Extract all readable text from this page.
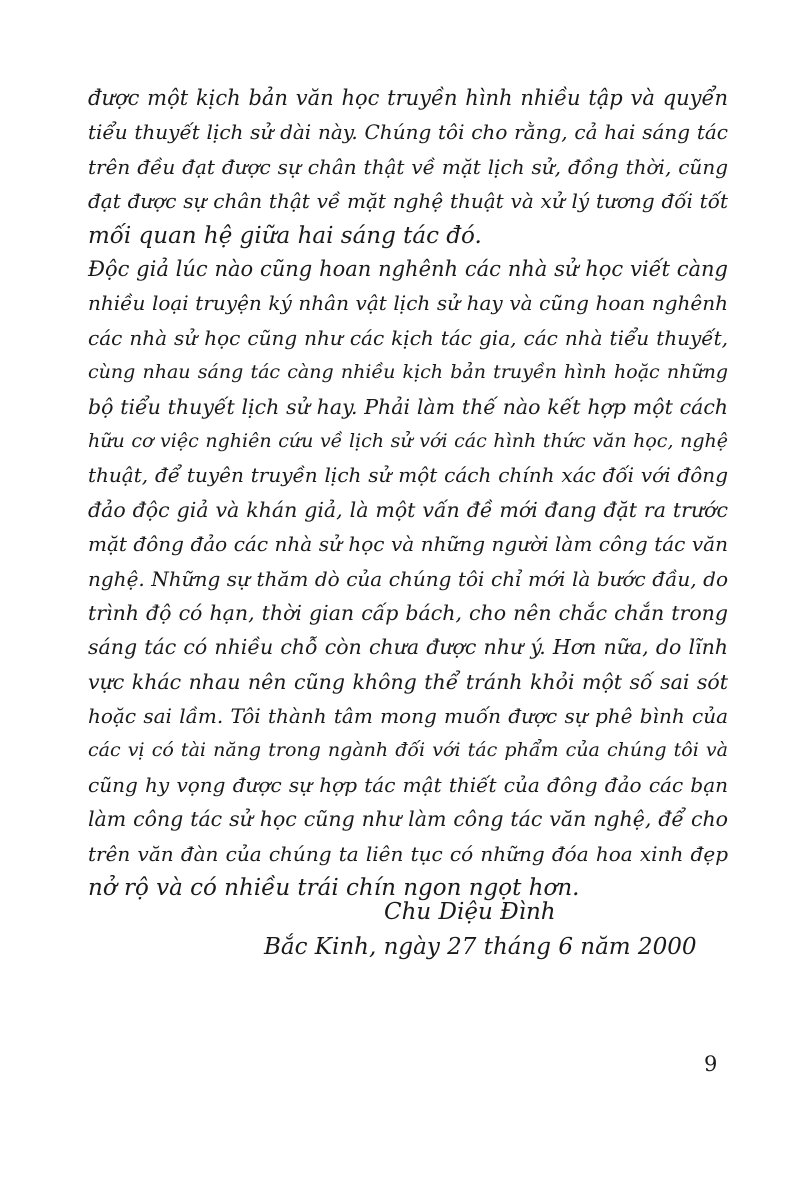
được một kịch bản văn học truyền hình nhiều tập và quyển
tiểu thuyết lịch sử dài này. Chúng tôi cho rằng, cả hai sáng tác
trên đều đạt được sự chân thật về mặt lịch sử, đồng thời, cũng
đạt được sự chân thật về mặt nghệ thuật và xử lý tương đối tốt
mối quan hệ giữa hai sáng tác đó.
Độc giả lúc nào cũng hoan nghênh các nhà sử học viết càng
nhiều loại truyện ký nhân vật lịch sử hay và cũng hoan nghênh
các nhà sử học cũng như các kịch tác gia, các nhà tiểu thuyết,
cùng nhau sáng tác càng nhiều kịch bản truyền hình hoặc những
bộ tiểu thuyết lịch sử hay. Phải làm thế nào kết hợp một cách
hữu cơ việc nghiên cứu về lịch sử với các hình thức văn học, nghệ
thuật, để tuyên truyền lịch sử một cách chính xác đối với đông
đảo độc giả và khán giả, là một vấn đề mới đang đặt ra trước
mặt đông đảo các nhà sử học và những người làm công tác văn
nghệ. Những sự thăm dò của chúng tôi chỉ mới là bước đầu, do
trình độ có hạn, thời gian cấp bách, cho nên chắc chắn trong
sáng tác có nhiều chỗ còn chưa được như ý. Hơn nữa, do lĩnh
vực khác nhau nên cũng không thể tránh khỏi một số sai sót
hoặc sai lầm. Tôi thành tâm mong muốn được sự phê bình của
các vị có tài năng trong ngành đối với tác phẩm của chúng tôi và
cũng hy vọng được sự hợp tác mật thiết của đông đảo các bạn
làm công tác sử học cũng như làm công tác văn nghệ, để cho
trên văn đàn của chúng ta liên tục có những đóa hoa xinh đẹp
nở rộ và có nhiều trái chín ngon ngọt hơn.
Chu Diệu Đình
Bắc Kinh, ngày 27 tháng 6 năm 2000
9
